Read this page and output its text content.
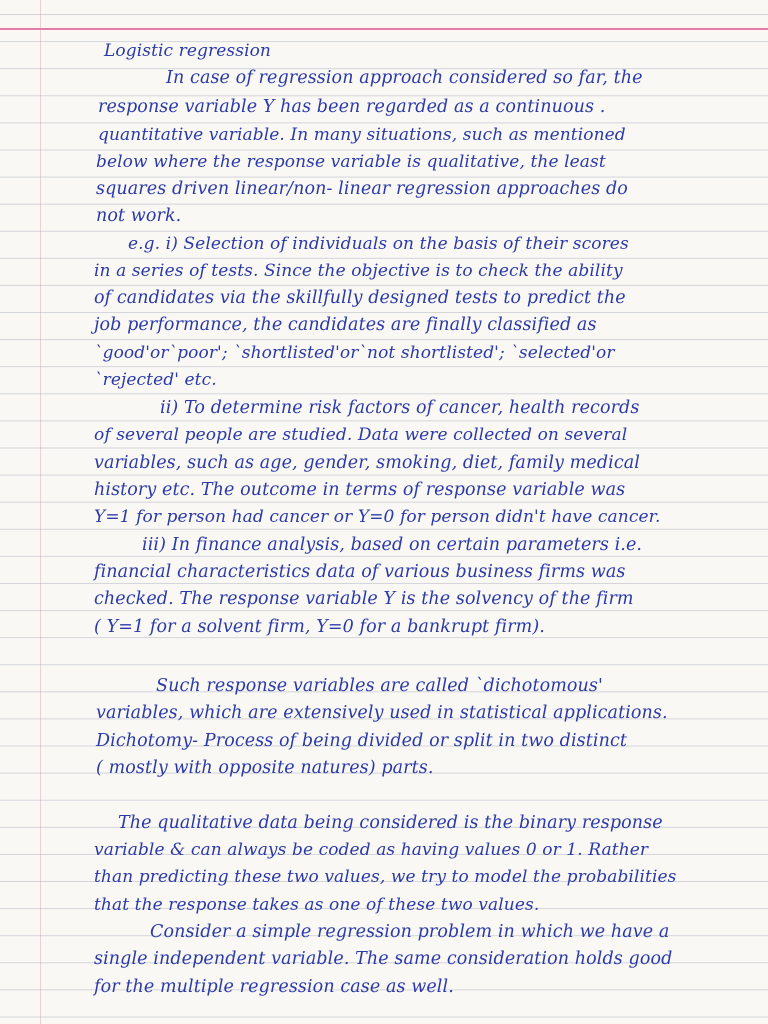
Logistic regression
In case of regression approach considered so far, the
response variable Y has been regarded as a continuous .
quantitative variable. In many situations, such as mentioned
below where the response variable is qualitative, the least
squares driven linear/non- linear regression approaches do
not work.
e.g. i) Selection of individuals on the basis of their scores
in a series of tests. Since the objective is to check the ability
of candidates via the skillfully designed tests to predict the
job performance, the candidates are finally classified as
`good'or`poor'; `shortlisted'or`not shortlisted'; `selected'or
`rejected' etc.
ii) To determine risk factors of cancer, health records
of several people are studied. Data were collected on several
variables, such as age, gender, smoking, diet, family medical
history etc. The outcome in terms of response variable was
Y=1 for person had cancer or Y=0 for person didn't have cancer.
iii) In finance analysis, based on certain parameters i.e.
financial characteristics data of various business firms was
checked. The response variable Y is the solvency of the firm
( Y=1 for a solvent firm, Y=0 for a bankrupt firm).
Such response variables are called `dichotomous'
variables, which are extensively used in statistical applications.
Dichotomy- Process of being divided or split in two distinct
( mostly with opposite natures) parts.
The qualitative data being considered is the binary response
variable & can always be coded as having values 0 or 1. Rather
than predicting these two values, we try to model the probabilities
that the response takes as one of these two values.
Consider a simple regression problem in which we have a
single independent variable. The same consideration holds good
for the multiple regression case as well.
